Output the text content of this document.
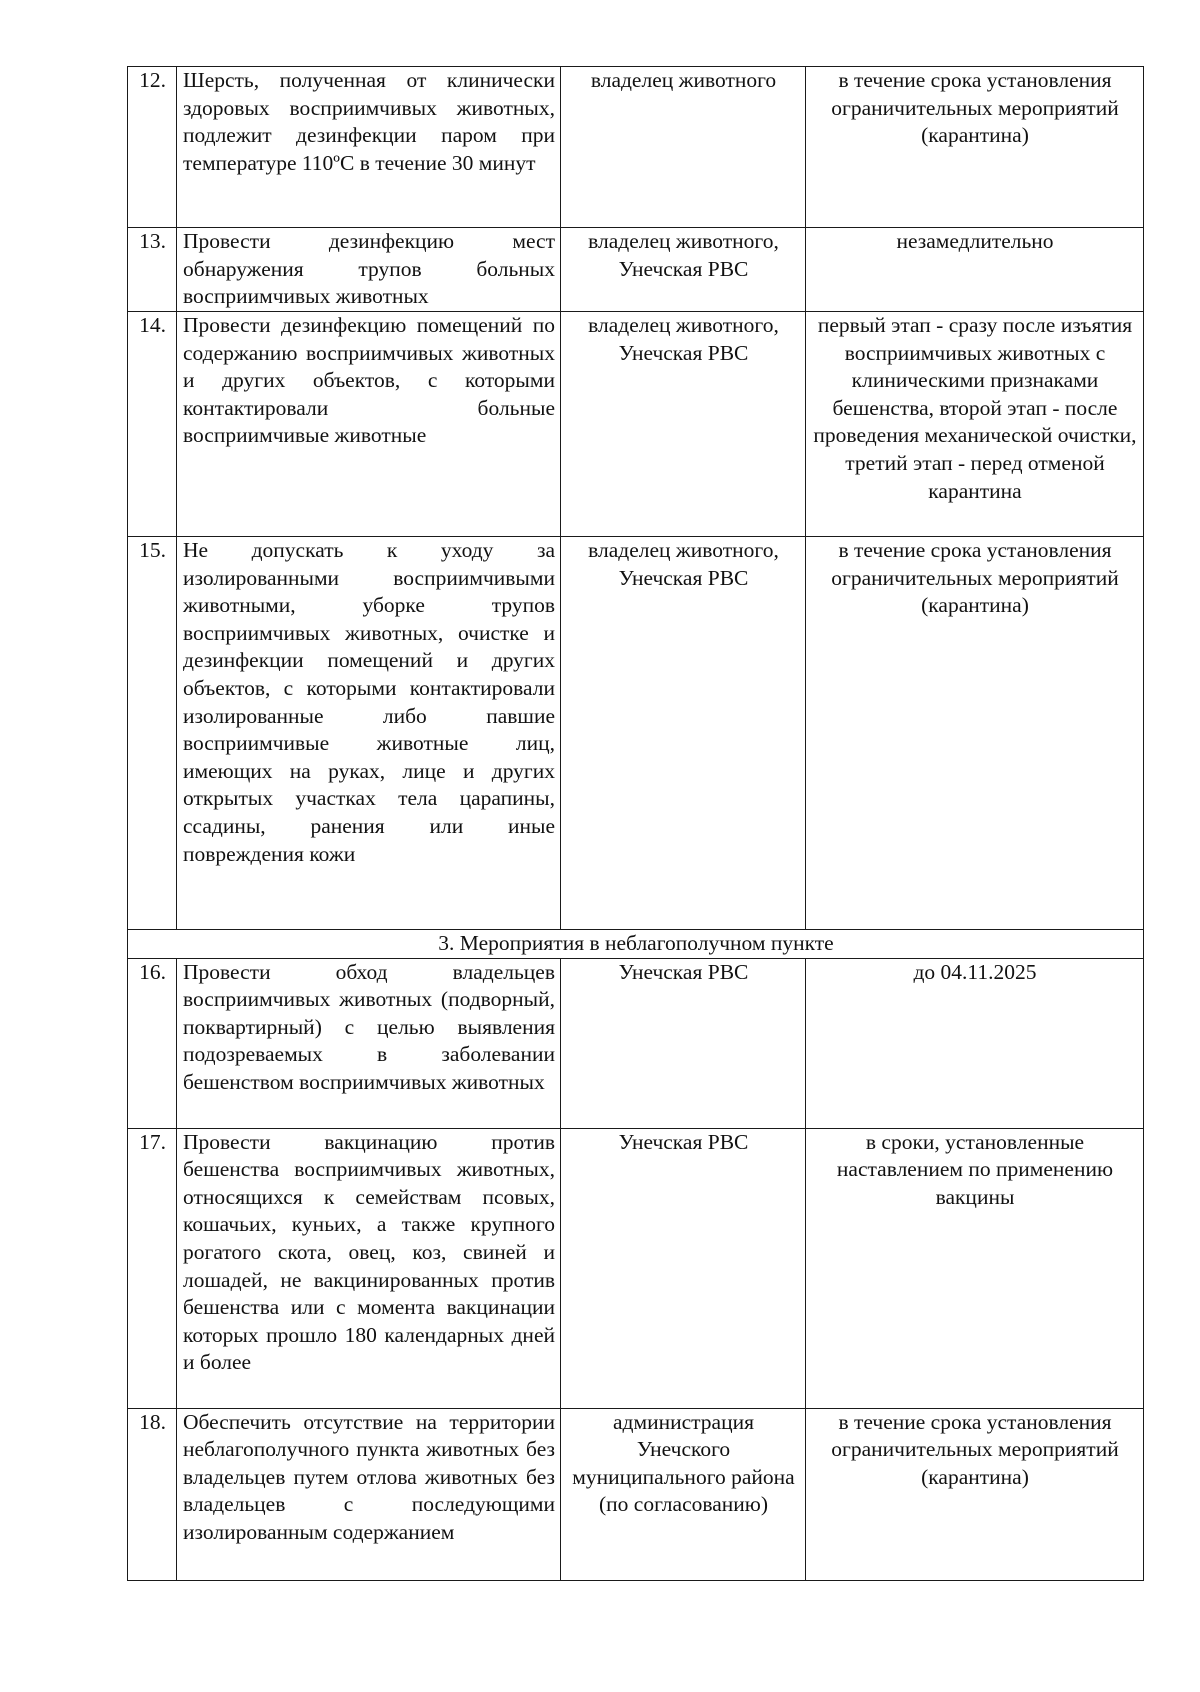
12.	Шерсть, полученная от клинически здоровых восприимчивых животных, подлежит дезинфекции паром при температуре 110ºС в течение 30 минут	владелец животного	в течение срока установления ограничительных мероприятий (карантина)
13.	Провести дезинфекцию мест обнаружения трупов больных восприимчивых животных	владелец животного, Унечская РВС	незамедлительно
14.	Провести дезинфекцию помещений по содержанию восприимчивых животных и других объектов, с которыми контактировали больные восприимчивые животные	владелец животного, Унечская РВС	первый этап - сразу после изъятия восприимчивых животных с клиническими признаками бешенства, второй этап - после проведения механической очистки, третий этап - перед отменой карантина
15.	Не допускать к уходу за изолированными восприимчивыми животными, уборке трупов восприимчивых животных, очистке и дезинфекции помещений и других объектов, с которыми контактировали изолированные либо павшие восприимчивые животные лиц, имеющих на руках, лице и других открытых участках тела царапины, ссадины, ранения или иные повреждения кожи	владелец животного, Унечская РВС	в течение срока установления ограничительных мероприятий (карантина)
3. Мероприятия в неблагополучном пункте			
16.	Провести обход владельцев восприимчивых животных (подворный, поквартирный) с целью выявления подозреваемых в заболевании бешенством восприимчивых животных	Унечская РВС	до 04.11.2025
17.	Провести вакцинацию против бешенства восприимчивых животных, относящихся к семействам псовых, кошачьих, куньих, а также крупного рогатого скота, овец, коз, свиней и лошадей, не вакцинированных против бешенства или с момента вакцинации которых прошло 180 календарных дней и более	Унечская РВС	в сроки, установленные наставлением по применению вакцины
18.	Обеспечить отсутствие на территории неблагополучного пункта животных без владельцев путем отлова животных без владельцев с последующими изолированным содержанием	администрация Унечского муниципального района (по согласованию)	в течение срока установления ограничительных мероприятий (карантина)
